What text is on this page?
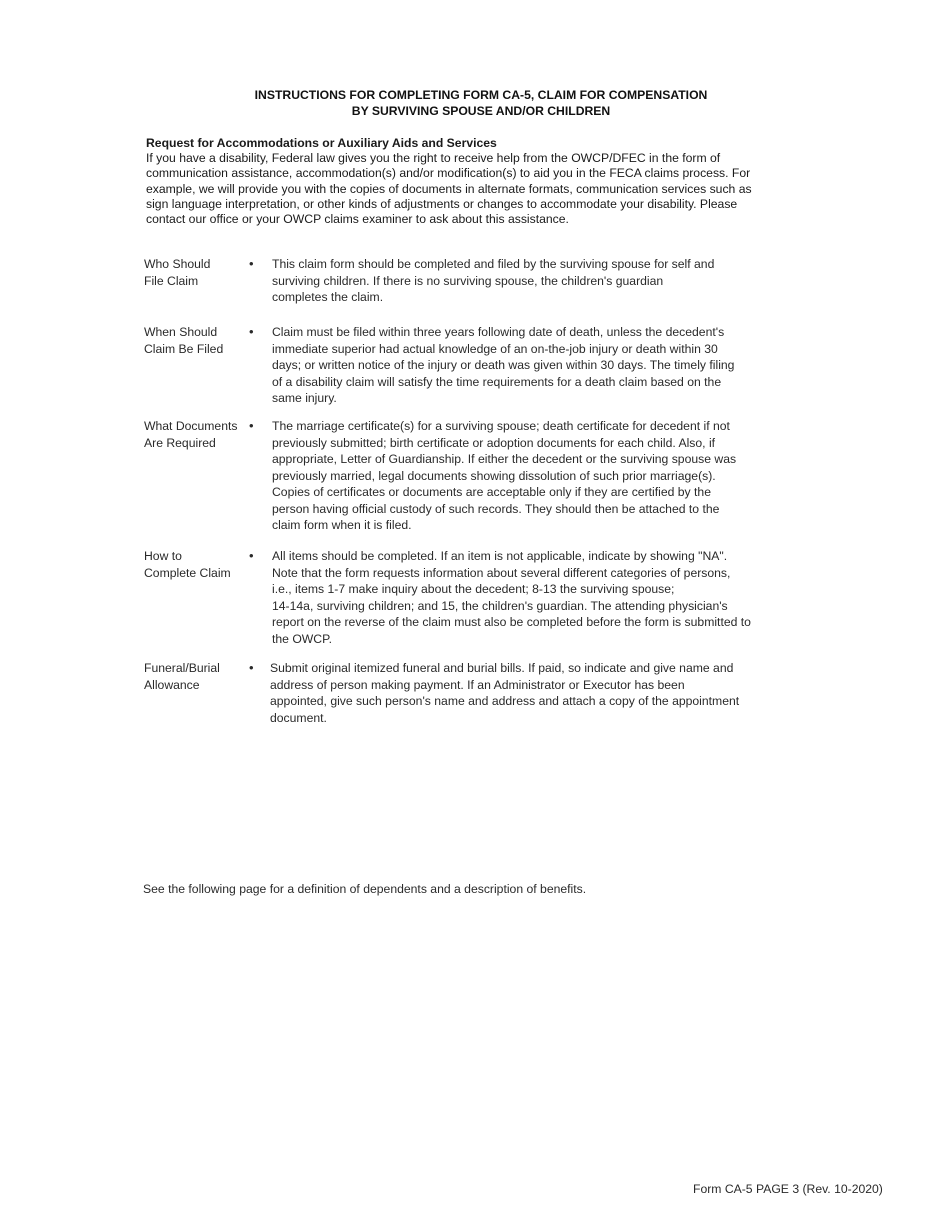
INSTRUCTIONS FOR COMPLETING FORM CA-5, CLAIM FOR COMPENSATION
BY SURVIVING SPOUSE AND/OR CHILDREN

Request for Accommodations or Auxiliary Aids and Services

If you have a disability, Federal law gives you the right to receive help from the OWCP/DFEC in the form of communication assistance, accommodation(s) and/or modification(s) to aid you in the FECA claims process. For example, we will provide you with the copies of documents in alternate formats, communication services such as sign language interpretation, or other kinds of adjustments or changes to accommodate your disability. Please contact our office or your OWCP claims examiner to ask about this assistance.

Who Should
File Claim
•	This claim form should be completed and filed by the surviving spouse for self and
surviving children. If there is no surviving spouse, the children's guardian
completes the claim.
When Should
Claim Be Filed
•	Claim must be filed within three years following date of death, unless the decedent's
immediate superior had actual knowledge of an on-the-job injury or death within 30
days; or written notice of the injury or death was given within 30 days. The timely filing
of a disability claim will satisfy the time requirements for a death claim based on the
same injury.
What Documents
Are Required
•	The marriage certificate(s) for a surviving spouse; death certificate for decedent if not
previously submitted; birth certificate or adoption documents for each child. Also, if
appropriate, Letter of Guardianship. If either the decedent or the surviving spouse was
previously married, legal documents showing dissolution of such prior marriage(s).
Copies of certificates or documents are acceptable only if they are certified by the
person having official custody of such records. They should then be attached to the
claim form when it is filed.
How to
Complete Claim
•	All items should be completed. If an item is not applicable, indicate by showing "NA".
Note that the form requests information about several different categories of persons,
i.e., items 1-7 make inquiry about the decedent; 8-13 the surviving spouse;
14-14a, surviving children; and 15, the children's guardian. The attending physician's
report on the reverse of the claim must also be completed before the form is submitted to
the OWCP.
Funeral/Burial
Allowance
•	Submit original itemized funeral and burial bills. If paid, so indicate and give name and
address of person making payment. If an Administrator or Executor has been
appointed, give such person's name and address and attach a copy of the appointment
document.
See the following page for a definition of dependents and a description of benefits.
Form CA-5 PAGE 3 (Rev. 10-2020)
